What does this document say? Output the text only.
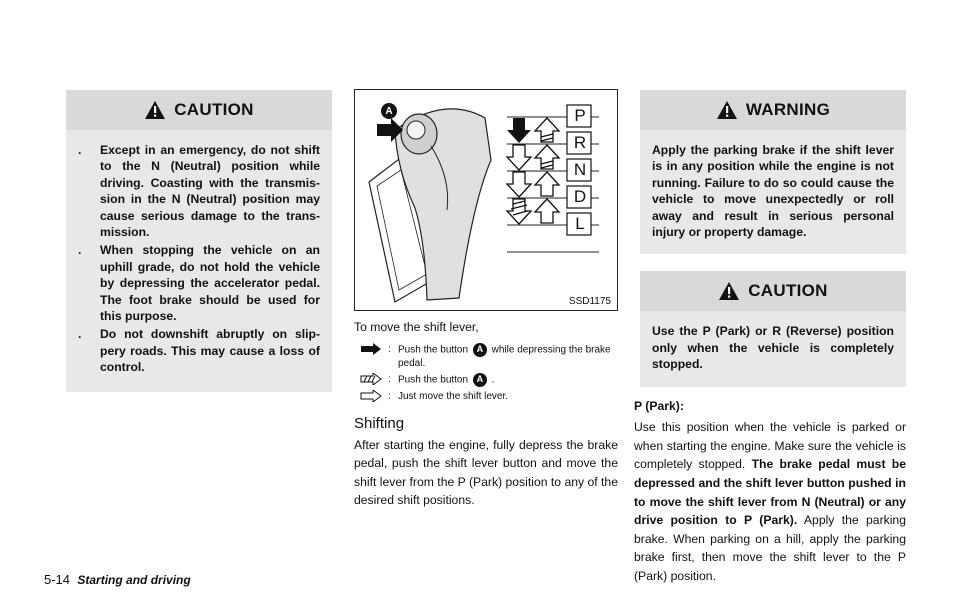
CAUTION
.	Except in an emergency, do not shift to the N (Neutral) position while driving. Coasting with the transmis- sion in the N (Neutral) position may cause serious damage to the trans- mission.
.	When stopping the vehicle on an uphill grade, do not hold the vehicle by depressing the accelerator pedal. The foot brake should be used for this purpose.
.	Do not downshift abruptly on slip- pery roads. This may cause a loss of control.
A	P
R
N
D
L
SSD1175
To move the shift lever,
: Push the button A while depressing the brake pedal.
: Push the button A .
: Just move the shift lever.
Shifting
After starting the engine, fully depress the brake pedal, push the shift lever button and move the shift lever from the P (Park) position to any of the desired shift positions.
WARNING
Apply the parking brake if the shift lever is in any position while the engine is not running. Failure to do so could cause the vehicle to move unexpectedly or roll away and result in serious personal injury or property damage.
CAUTION
Use the P (Park) or R (Reverse) position only when the vehicle is completely stopped.
P (Park):
Use this position when the vehicle is parked or when starting the engine. Make sure the vehicle is completely stopped. The brake pedal must be depressed and the shift lever button pushed in to move the shift lever from N (Neutral) or any drive position to P (Park). Apply the parking brake. When parking on a hill, apply the parking brake first, then move the shift lever to the P (Park) position.
5-14 Starting and driving
